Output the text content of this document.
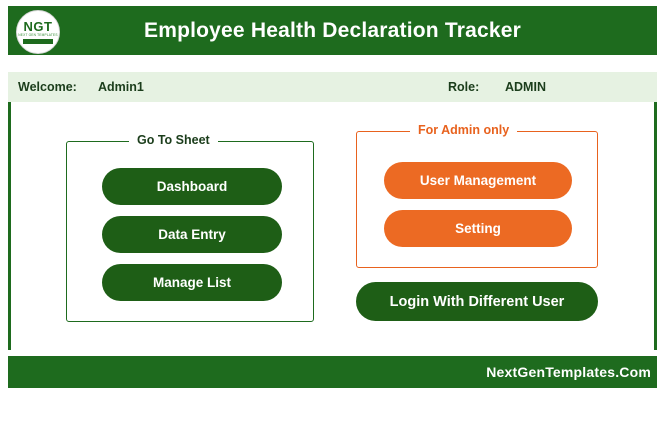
NGT
NEXT GEN TEMPLATES	Employee Health Declaration Tracker
Welcome: Admin1	Role: ADMIN
Go To Sheet
Dashboard
Data Entry
Manage List
For Admin only
User Management
Setting
Login With Different User
NextGenTemplates.Com
